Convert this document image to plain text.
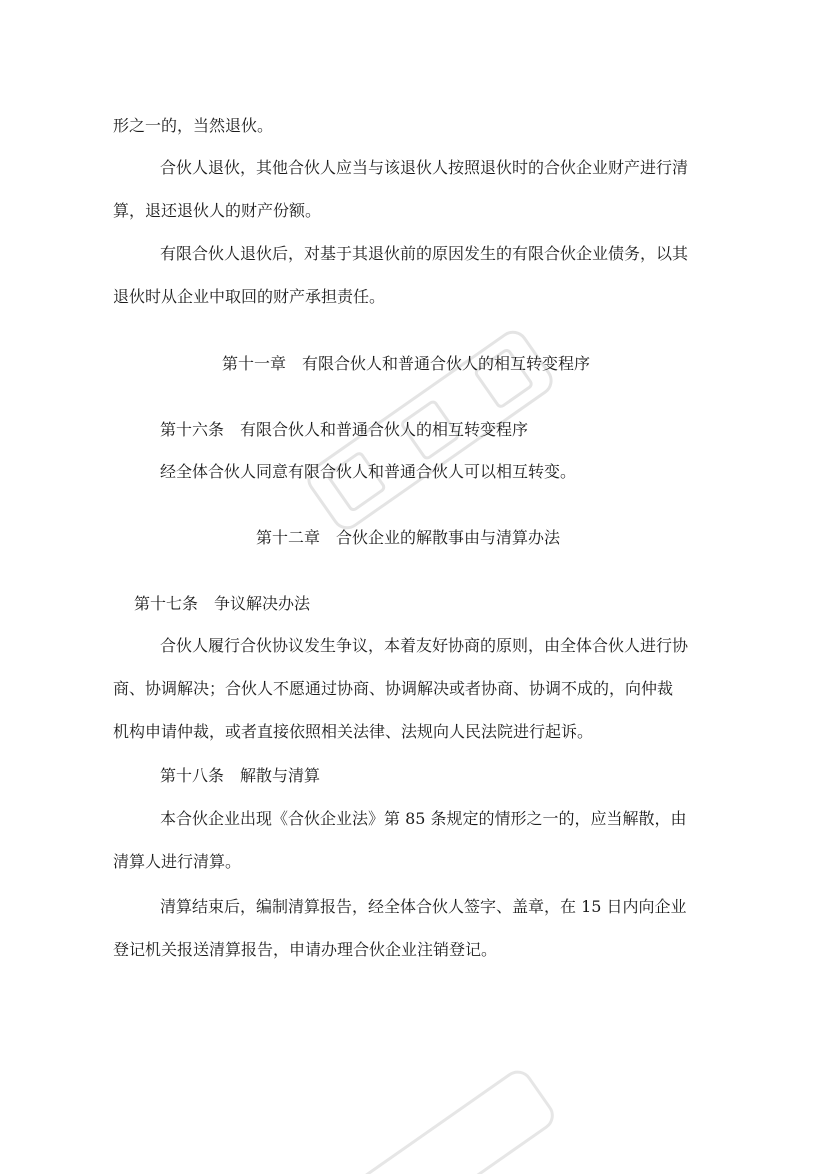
形之一的，当然退伙。
合伙人退伙，其他合伙人应当与该退伙人按照退伙时的合伙企业财产进行清
算，退还退伙人的财产份额。
有限合伙人退伙后，对基于其退伙前的原因发生的有限合伙企业债务，以其
退伙时从企业中取回的财产承担责任。
第十一章　有限合伙人和普通合伙人的相互转变程序
第十六条　有限合伙人和普通合伙人的相互转变程序
经全体合伙人同意有限合伙人和普通合伙人可以相互转变。
第十二章　合伙企业的解散事由与清算办法
第十七条　争议解决办法
合伙人履行合伙协议发生争议，本着友好协商的原则，由全体合伙人进行协
商、协调解决；合伙人不愿通过协商、协调解决或者协商、协调不成的，向仲裁
机构申请仲裁，或者直接依照相关法律、法规向人民法院进行起诉。
第十八条　解散与清算
本合伙企业出现《合伙企业法》第 85 条规定的情形之一的，应当解散，由
清算人进行清算。
清算结束后，编制清算报告，经全体合伙人签字、盖章，在 15 日内向企业
登记机关报送清算报告，申请办理合伙企业注销登记。
